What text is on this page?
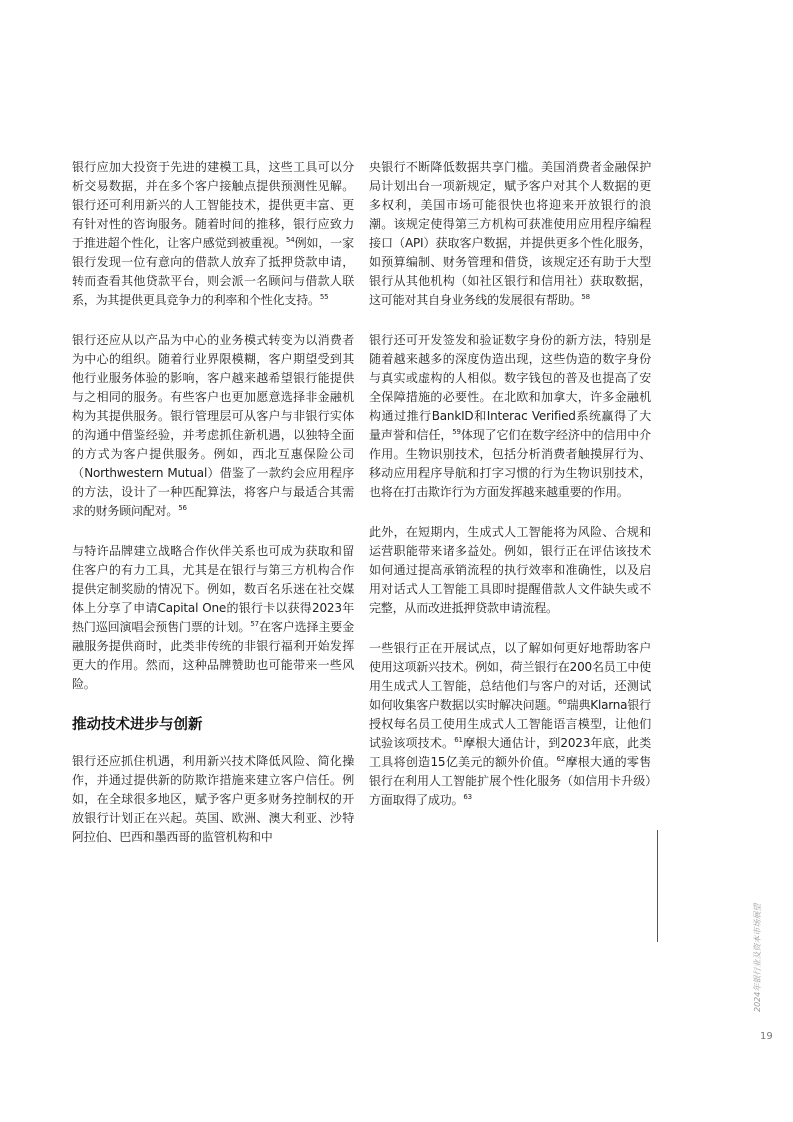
银行应加大投资于先进的建模工具，这些工具可以分析交易数据，并在多个客户接触点提供预测性见解。银行还可利用新兴的人工智能技术，提供更丰富、更有针对性的咨询服务。随着时间的推移，银行应致力于推进超个性化，让客户感觉到被重视。$^{54}$例如，一家银行发现一位有意向的借款人放弃了抵押贷款申请，转而查看其他贷款平台，则会派一名顾问与借款人联系，为其提供更具竞争力的利率和个性化支持。$^{55}$

银行还应从以产品为中心的业务模式转变为以消费者为中心的组织。随着行业界限模糊，客户期望受到其他行业服务体验的影响，客户越来越希望银行能提供与之相同的服务。有些客户也更加愿意选择非金融机构为其提供服务。银行管理层可从客户与非银行实体的沟通中借鉴经验，并考虑抓住新机遇，以独特全面的方式为客户提供服务。例如，西北互惠保险公司（Northwestern Mutual）借鉴了一款约会应用程序的方法，设计了一种匹配算法，将客户与最适合其需求的财务顾问配对。$^{56}$

与特许品牌建立战略合作伙伴关系也可成为获取和留住客户的有力工具，尤其是在银行与第三方机构合作提供定制奖励的情况下。例如，数百名乐迷在社交媒体上分享了申请Capital One的银行卡以获得2023年热门巡回演唱会预售门票的计划。$^{57}$在客户选择主要金融服务提供商时，此类非传统的非银行福利开始发挥更大的作用。然而，这种品牌赞助也可能带来一些风险。

推动技术进步与创新

银行还应抓住机遇，利用新兴技术降低风险、简化操作，并通过提供新的防欺诈措施来建立客户信任。例如，在全球很多地区，赋予客户更多财务控制权的开放银行计划正在兴起。英国、欧洲、澳大利亚、沙特阿拉伯、巴西和墨西哥的监管机构和中

央银行不断降低数据共享门槛。美国消费者金融保护局计划出台一项新规定，赋予客户对其个人数据的更多权利，美国市场可能很快也将迎来开放银行的浪潮。该规定使得第三方机构可获准使用应用程序编程接口（API）获取客户数据，并提供更多个性化服务，如预算编制、财务管理和借贷，该规定还有助于大型银行从其他机构（如社区银行和信用社）获取数据，这可能对其自身业务线的发展很有帮助。$^{58}$

银行还可开发签发和验证数字身份的新方法，特别是随着越来越多的深度伪造出现，这些伪造的数字身份与真实或虚构的人相似。数字钱包的普及也提高了安全保障措施的必要性。在北欧和加拿大，许多金融机构通过推行BankID和Interac Verified系统赢得了大量声誉和信任，$^{59}$体现了它们在数字经济中的信用中介作用。生物识别技术，包括分析消费者触摸屏行为、移动应用程序导航和打字习惯的行为生物识别技术，也将在打击欺诈行为方面发挥越来越重要的作用。

此外，在短期内，生成式人工智能将为风险、合规和运营职能带来诸多益处。例如，银行正在评估该技术如何通过提高承销流程的执行效率和准确性，以及启用对话式人工智能工具即时提醒借款人文件缺失或不完整，从而改进抵押贷款申请流程。

一些银行正在开展试点，以了解如何更好地帮助客户使用这项新兴技术。例如，荷兰银行在200名员工中使用生成式人工智能，总结他们与客户的对话，还测试如何收集客户数据以实时解决问题。$^{60}$瑞典Klarna银行授权每名员工使用生成式人工智能语言模型，让他们试验该项技术。$^{61}$摩根大通估计，到2023年底，此类工具将创造15亿美元的额外价值。$^{62}$摩根大通的零售银行在利用人工智能扩展个性化服务（如信用卡升级）方面取得了成功。$^{63}$

2024年银行业及资本市场展望
19
